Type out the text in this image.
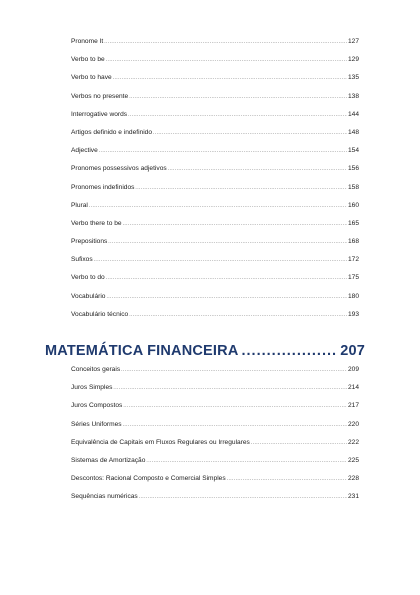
Pronome It .....	127
Verbo to be .....	129
Verbo to have .....	135
Verbos no presente .....	138
Interrogative words .....	144
Artigos definido e indefinido .....	148
Adjective .....	154
Pronomes possessivos adjetivos .....	156
Pronomes indefinidos .....	158
Plural .....	160
Verbo there to be .....	165
Prepositions .....	168
Sufixos .....	172
Verbo to do .....	175
Vocabulário .....	180
Vocabulário técnico .....	193
MATEMÁTICA FINANCEIRA .....	207
Conceitos gerais .....	209
Juros Simples .....	214
Juros Compostos .....	217
Séries Uniformes .....	220
Equivalência de Capitais em Fluxos Regulares ou Irregulares .....	222
Sistemas de Amortização .....	225
Descontos: Racional Composto e Comercial Simples .....	228
Sequências numéricas .....	231
